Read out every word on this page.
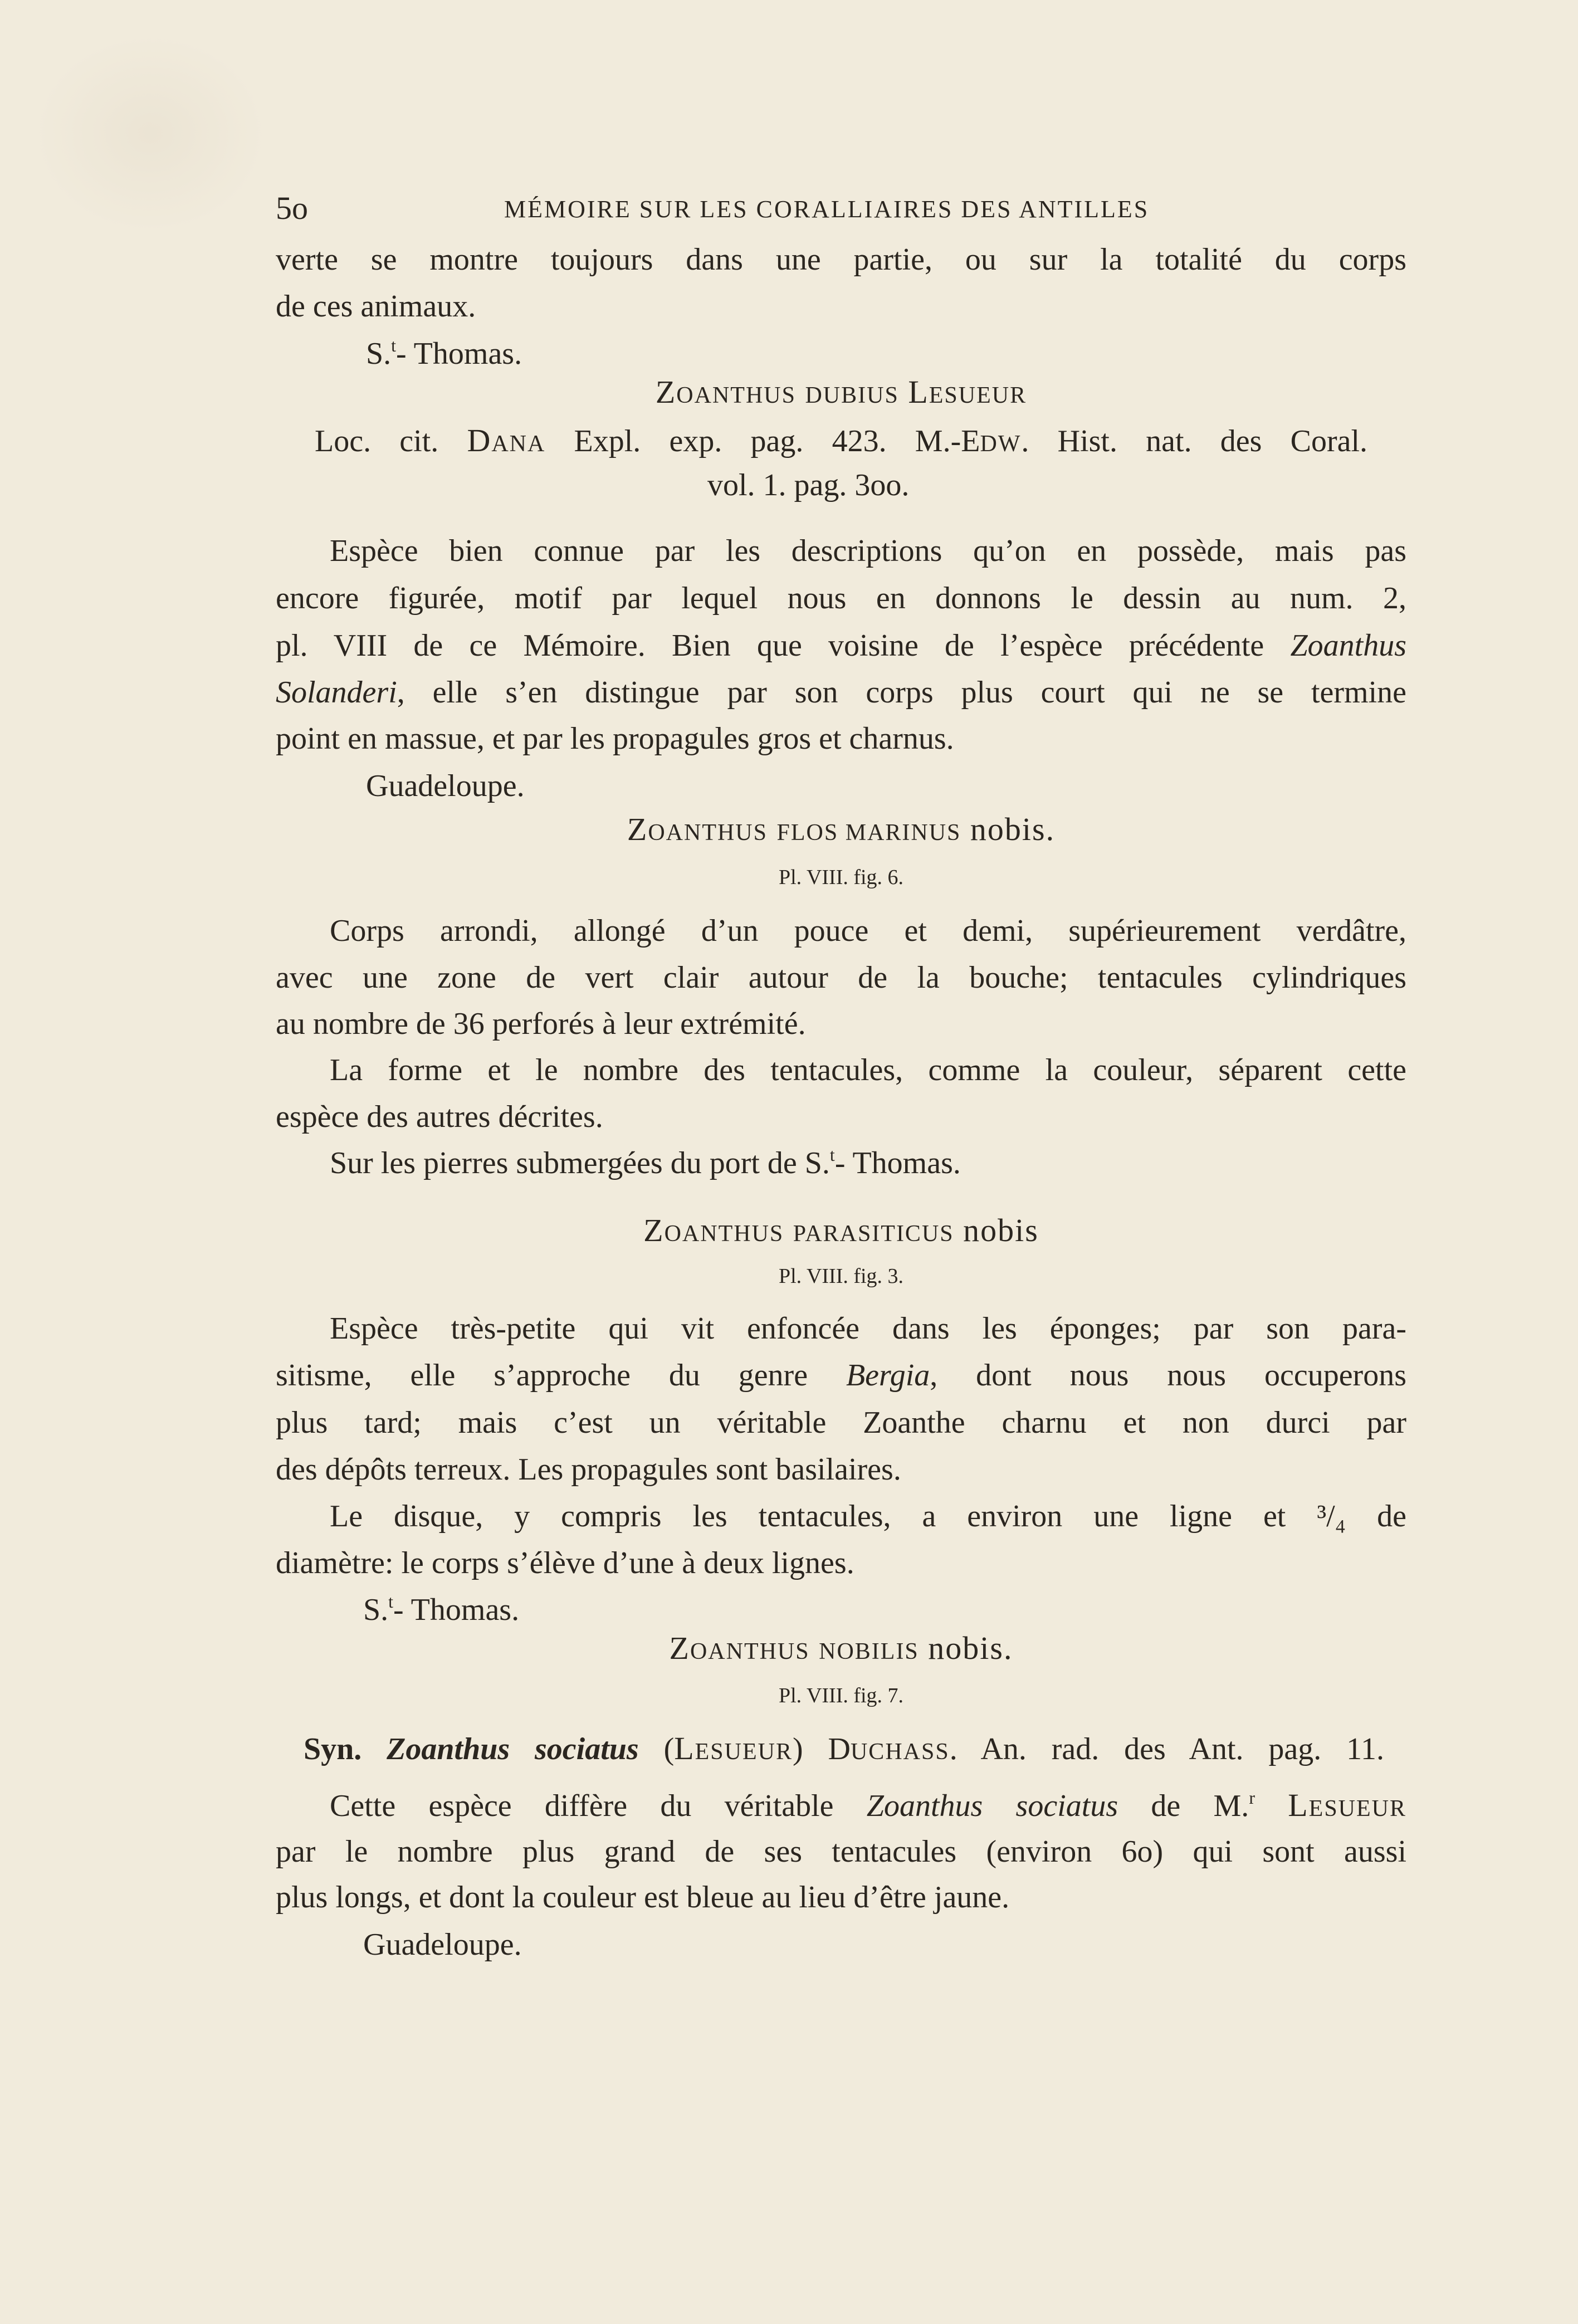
5o	MÉMOIRE SUR LES CORALLIAIRES DES ANTILLES
verte se montre toujours dans une partie, ou sur la totalité du corps
de ces animaux.
S.$^t$- Thomas.
ZOANTHUS DUBIUS LESUEUR
Loc. cit. DANA Expl. exp. pag. 423. M.-EDW. Hist. nat. des Coral.
vol. 1. pag. 3oo.
Espèce bien connue par les descriptions qu’on en possède, mais pas
encore figurée, motif par lequel nous en donnons le dessin au num. 2,
pl. VIII de ce Mémoire. Bien que voisine de l’espèce précédente Zoanthus
Solanderi, elle s’en distingue par son corps plus court qui ne se termine
point en massue, et par les propagules gros et charnus.
Guadeloupe.
ZOANTHUS FLOS MARINUS nobis.
Pl. VIII. fig. 6.
Corps arrondi, allongé d’un pouce et demi, supérieurement verdâtre,
avec une zone de vert clair autour de la bouche; tentacules cylindriques
au nombre de 36 perforés à leur extrémité.
La forme et le nombre des tentacules, comme la couleur, séparent cette
espèce des autres décrites.
Sur les pierres submergées du port de S.$^t$- Thomas.
ZOANTHUS PARASITICUS nobis
Pl. VIII. fig. 3.
Espèce très-petite qui vit enfoncée dans les éponges; par son para-
sitisme, elle s’approche du genre Bergia, dont nous nous occuperons
plus tard; mais c’est un véritable Zoanthe charnu et non durci par
des dépôts terreux. Les propagules sont basilaires.
Le disque, y compris les tentacules, a environ une ligne et ³/₄ de
diamètre: le corps s’élève d’une à deux lignes.
S.$^t$- Thomas.
ZOANTHUS NOBILIS nobis.
Pl. VIII. fig. 7.
Syn. Zoanthus sociatus (LESUEUR) DUCHASS. An. rad. des Ant. pag. 11.
Cette espèce diffère du véritable Zoanthus sociatus de M.$^r$ LESUEUR
par le nombre plus grand de ses tentacules (environ 6o) qui sont aussi
plus longs, et dont la couleur est bleue au lieu d’être jaune.
Guadeloupe.
